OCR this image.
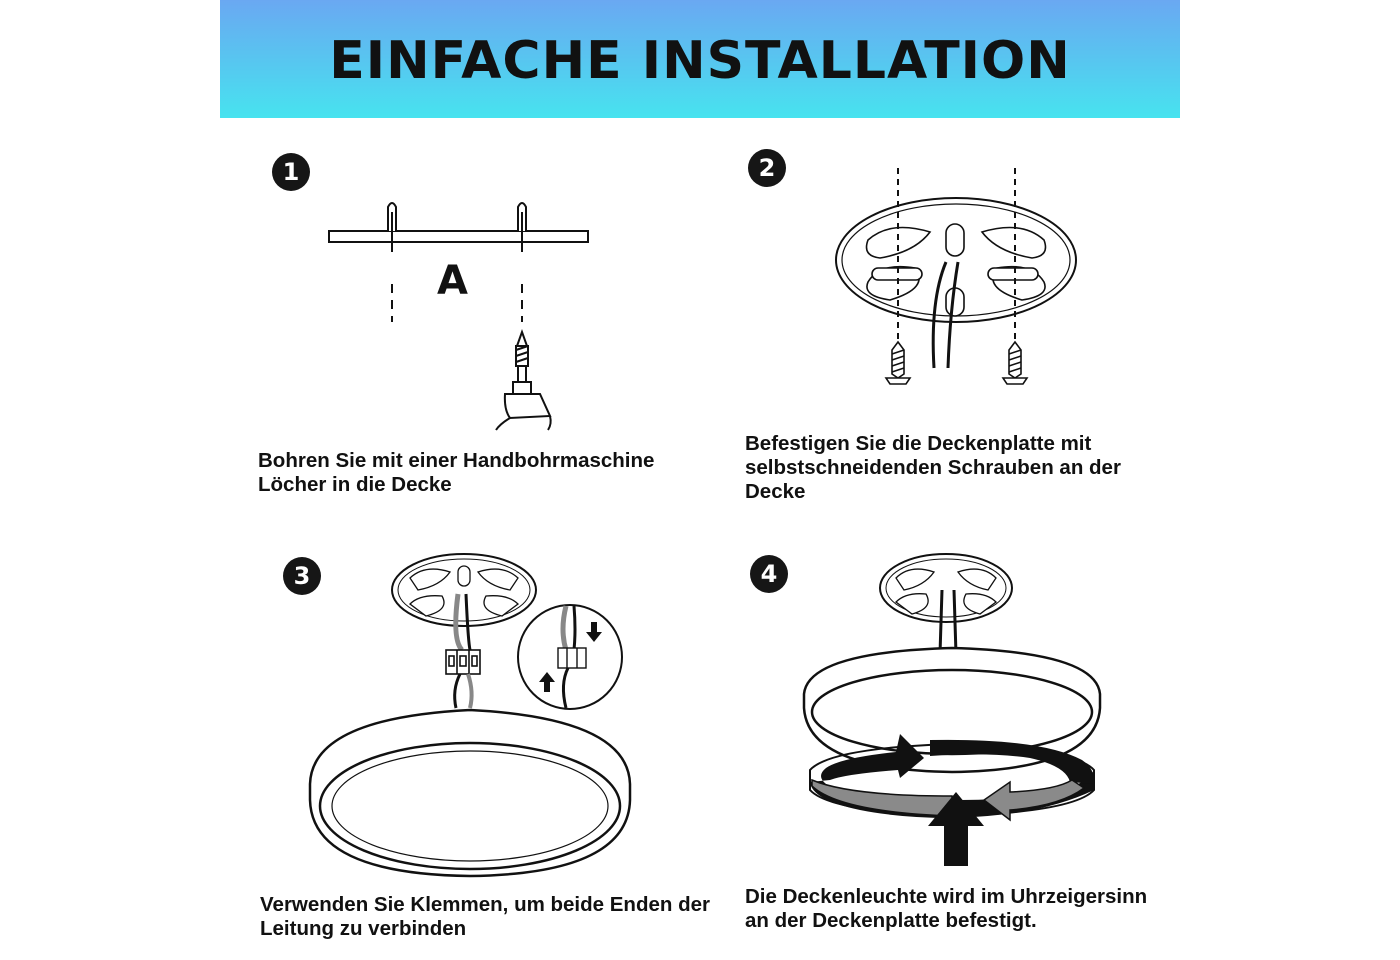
EINFACHE INSTALLATION
1	2
3	4
A

Bohren Sie mit einer Handbohrmaschine
Löcher in die Decke

Befestigen Sie die Deckenplatte mit
selbstschneidenden Schrauben an der
Decke

Verwenden Sie Klemmen, um beide Enden der
Leitung zu verbinden

Die Deckenleuchte wird im Uhrzeigersinn
an der Deckenplatte befestigt.
